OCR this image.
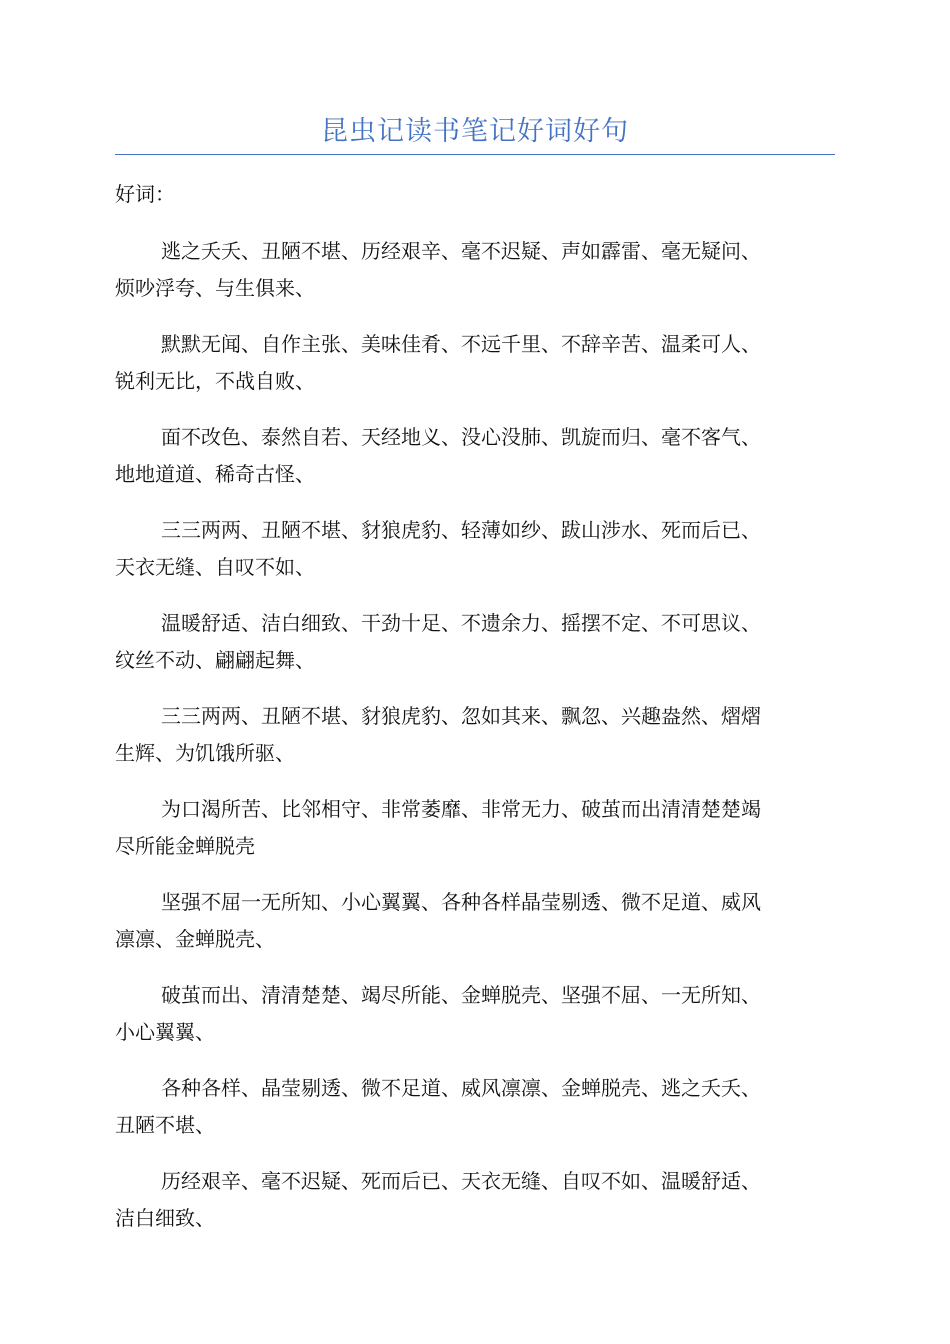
昆虫记读书笔记好词好句
好词：
逃之夭夭、丑陋不堪、历经艰辛、毫不迟疑、声如霹雷、毫无疑问、
烦吵浮夸、与生俱来、
默默无闻、自作主张、美味佳肴、不远千里、不辞辛苦、温柔可人、
锐利无比，不战自败、
面不改色、泰然自若、天经地义、没心没肺、凯旋而归、毫不客气、
地地道道、稀奇古怪、
三三两两、丑陋不堪、豺狼虎豹、轻薄如纱、跋山涉水、死而后已、
天衣无缝、自叹不如、
温暖舒适、洁白细致、干劲十足、不遗余力、摇摆不定、不可思议、
纹丝不动、翩翩起舞、
三三两两、丑陋不堪、豺狼虎豹、忽如其来、飘忽、兴趣盎然、熠熠
生辉、为饥饿所驱、
为口渴所苦、比邻相守、非常萎靡、非常无力、破茧而出清清楚楚竭
尽所能金蝉脱壳
坚强不屈一无所知、小心翼翼、各种各样晶莹剔透、微不足道、威风
凛凛、金蝉脱壳、
破茧而出、清清楚楚、竭尽所能、金蝉脱壳、坚强不屈、一无所知、
小心翼翼、
各种各样、晶莹剔透、微不足道、威风凛凛、金蝉脱壳、逃之夭夭、
丑陋不堪、
历经艰辛、毫不迟疑、死而后已、天衣无缝、自叹不如、温暖舒适、
洁白细致、
